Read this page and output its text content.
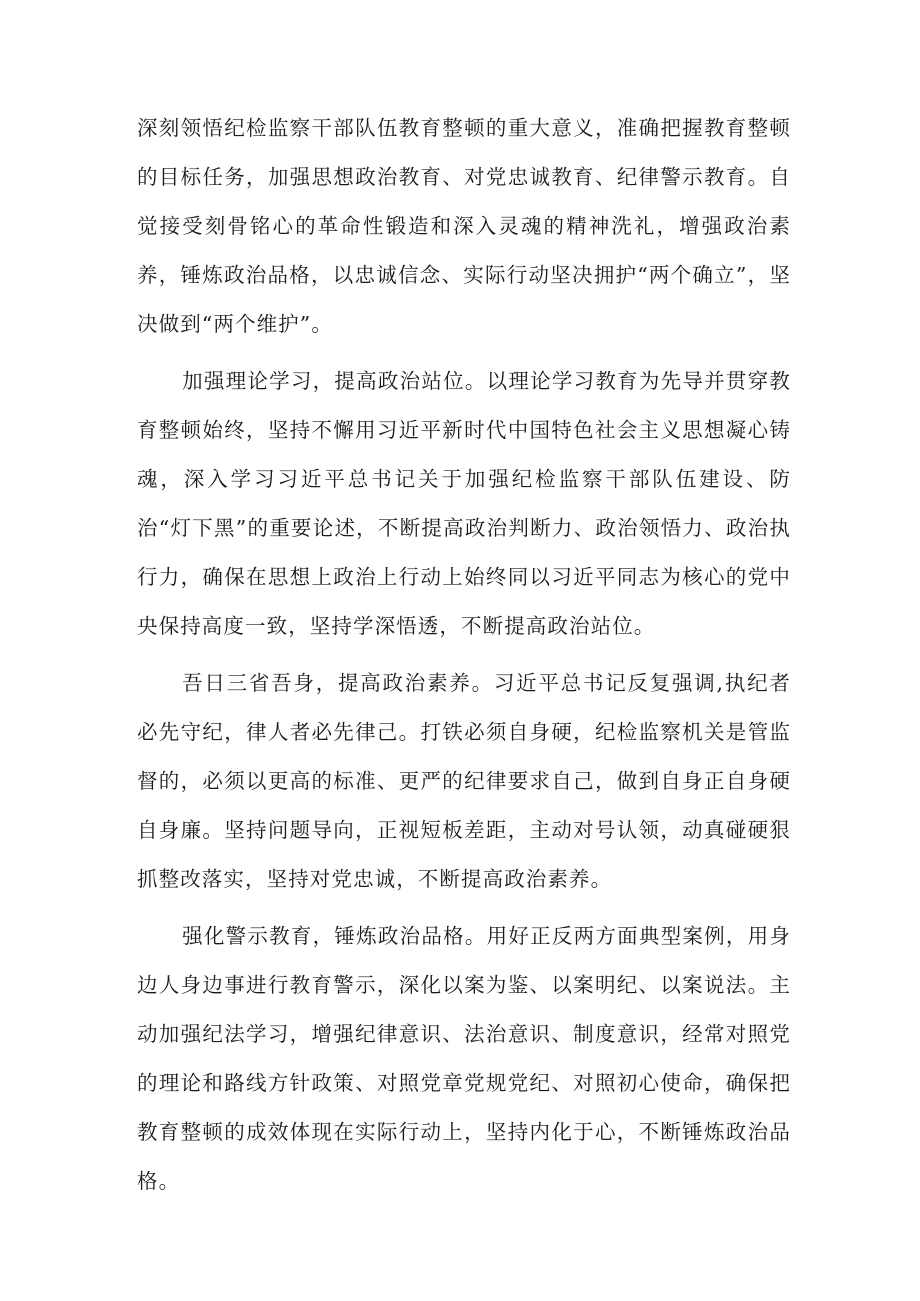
深刻领悟纪检监察干部队伍教育整顿的重大意义，准确把握教育整顿的目标任务，加强思想政治教育、对党忠诚教育、纪律警示教育。自觉接受刻骨铭心的革命性锻造和深入灵魂的精神洗礼，增强政治素养，锤炼政治品格，以忠诚信念、实际行动坚决拥护“两个确立”，坚决做到“两个维护”。

加强理论学习，提高政治站位。以理论学习教育为先导并贯穿教育整顿始终，坚持不懈用习近平新时代中国特色社会主义思想凝心铸魂，深入学习习近平总书记关于加强纪检监察干部队伍建设、防治“灯下黑”的重要论述，不断提高政治判断力、政治领悟力、政治执行力，确保在思想上政治上行动上始终同以习近平同志为核心的党中央保持高度一致，坚持学深悟透，不断提高政治站位。

吾日三省吾身，提高政治素养。习近平总书记反复强调,执纪者必先守纪，律人者必先律己。打铁必须自身硬，纪检监察机关是管监督的，必须以更高的标准、更严的纪律要求自己，做到自身正自身硬自身廉。坚持问题导向，正视短板差距，主动对号认领，动真碰硬狠抓整改落实，坚持对党忠诚，不断提高政治素养。

强化警示教育，锤炼政治品格。用好正反两方面典型案例，用身边人身边事进行教育警示，深化以案为鉴、以案明纪、以案说法。主动加强纪法学习，增强纪律意识、法治意识、制度意识，经常对照党的理论和路线方针政策、对照党章党规党纪、对照初心使命，确保把教育整顿的成效体现在实际行动上，坚持内化于心，不断锤炼政治品格。
